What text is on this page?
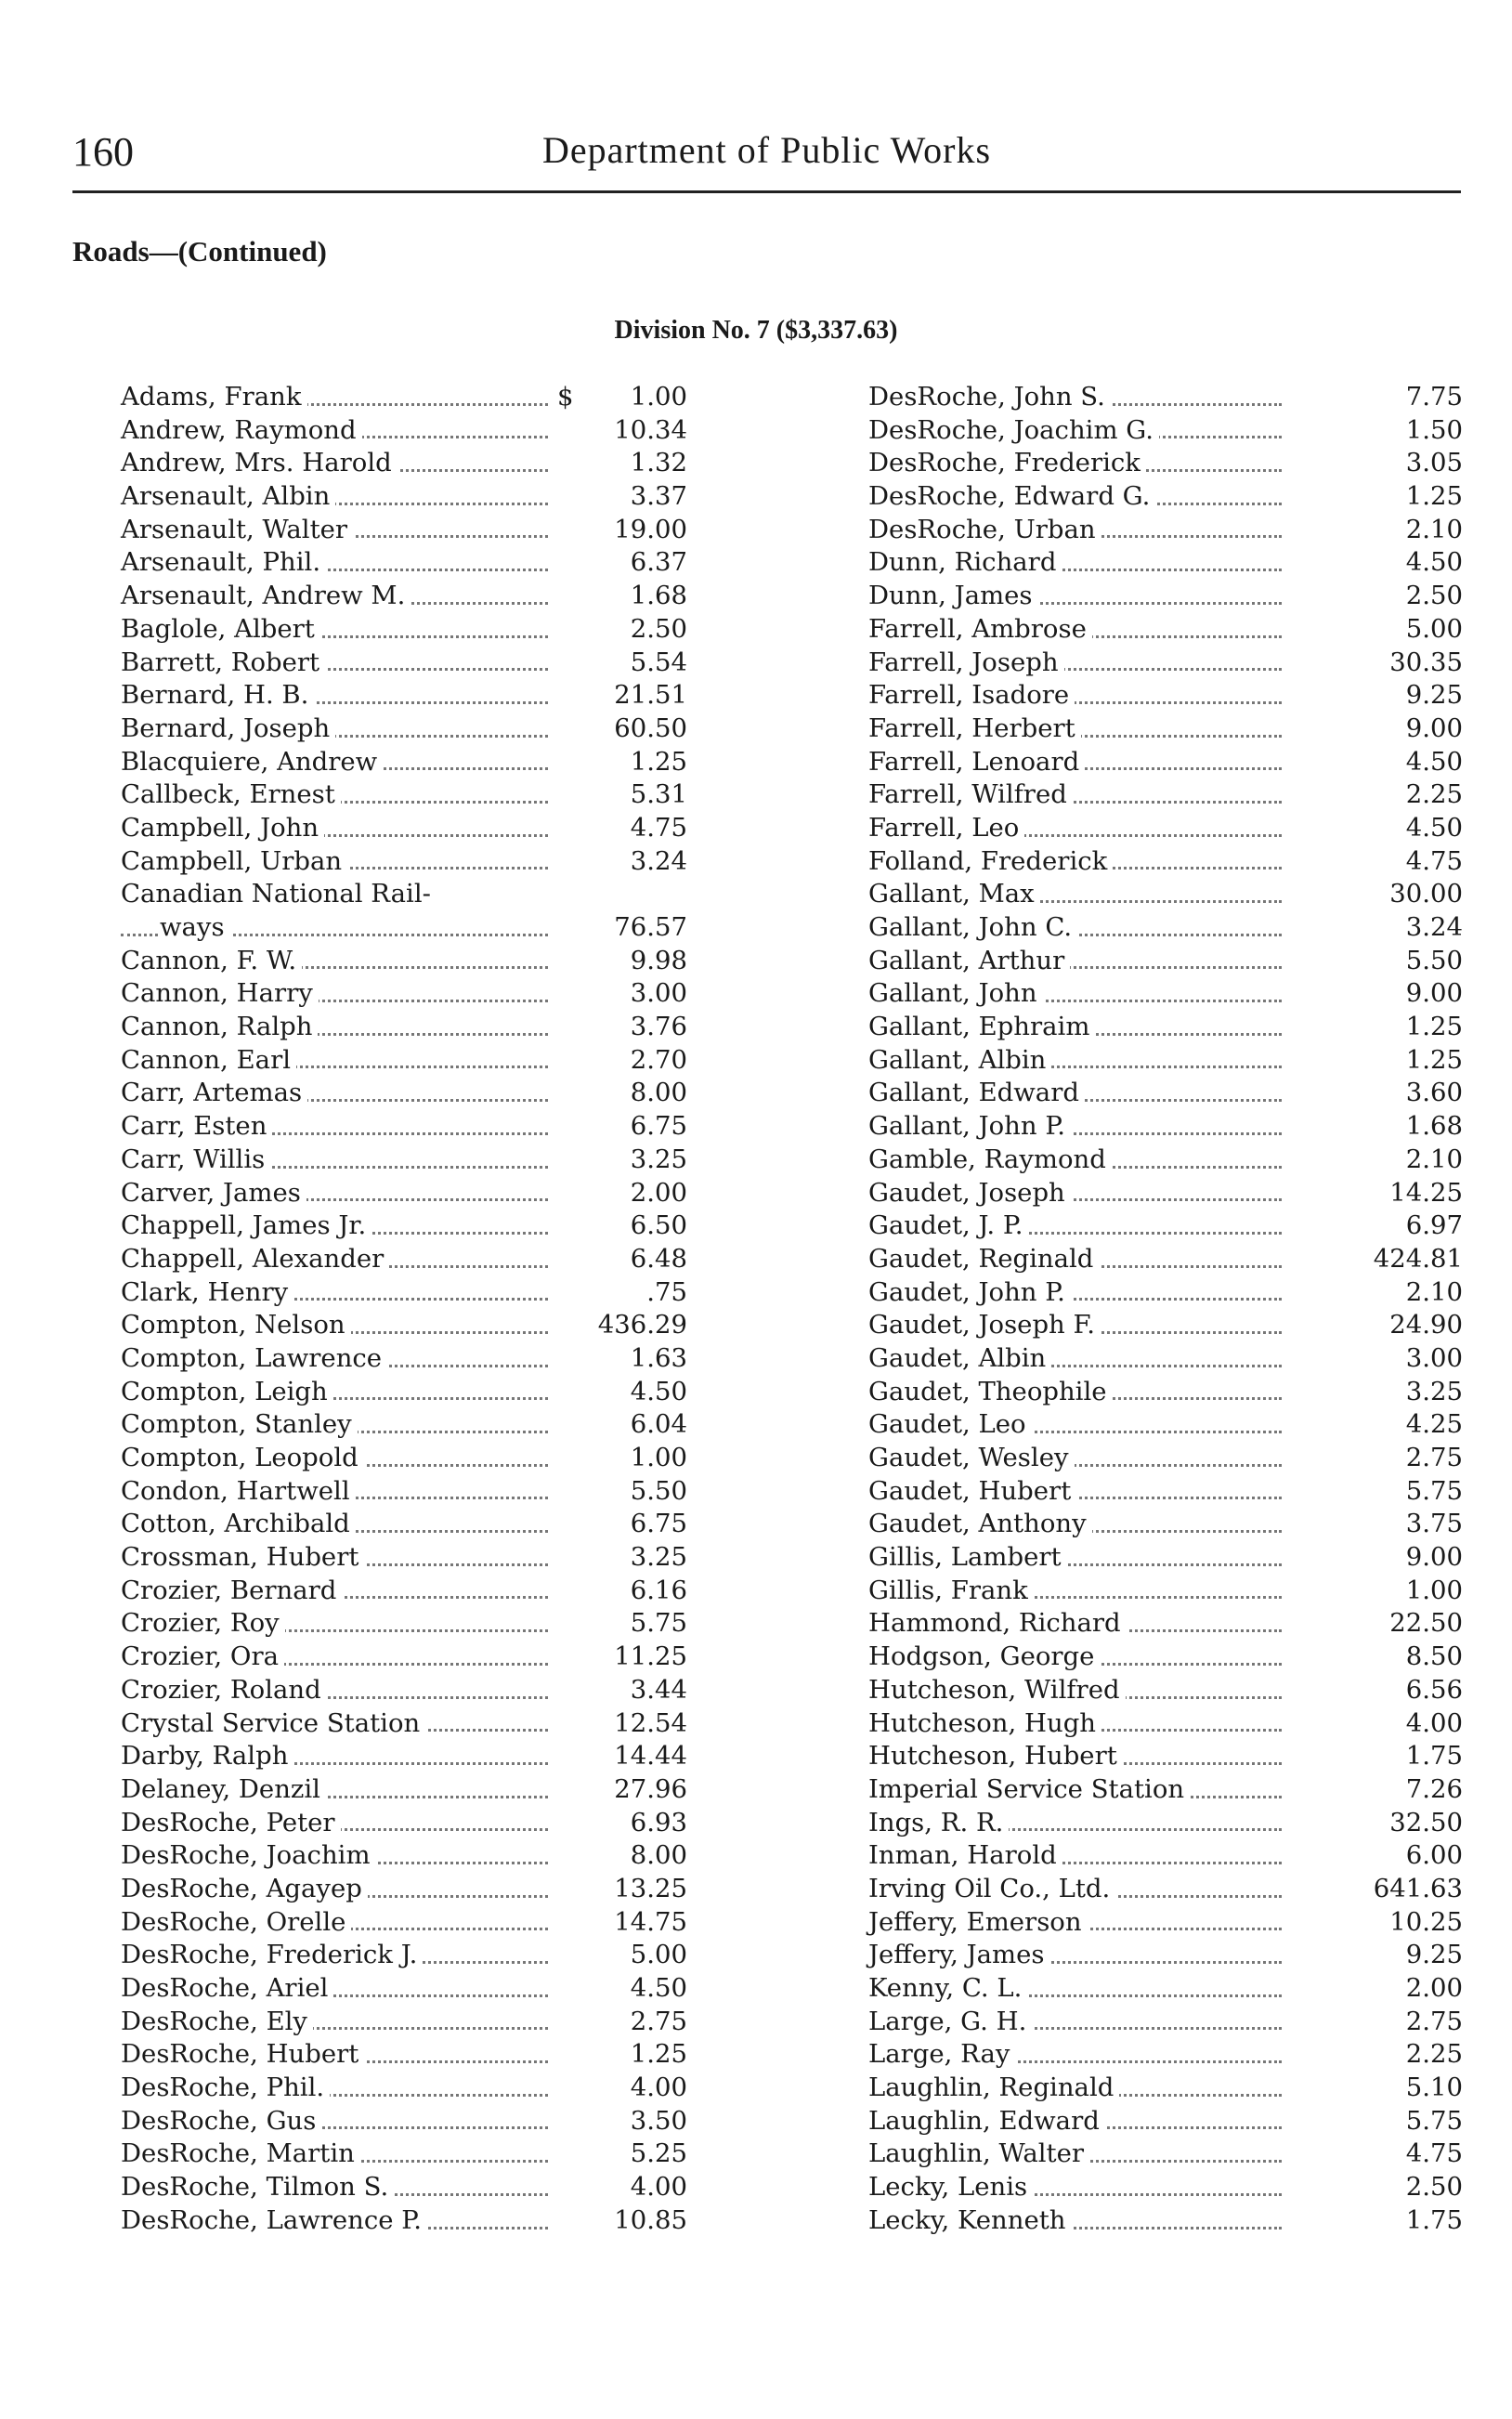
160	Department of Public Works
Roads—(Continued)
Division No. 7 ($3,337.63)
Adams, Frank	$ 1.00
Andrew, Raymond	10.34
Andrew, Mrs. Harold	1.32
Arsenault, Albin	3.37
Arsenault, Walter	19.00
Arsenault, Phil.	6.37
Arsenault, Andrew M.	1.68
Baglole, Albert	2.50
Barrett, Robert	5.54
Bernard, H. B.	21.51
Bernard, Joseph	60.50
Blacquiere, Andrew	1.25
Callbeck, Ernest	5.31
Campbell, John	4.75
Campbell, Urban	3.24
Canadian National Rail-
ways	76.57
Cannon, F. W.	9.98
Cannon, Harry	3.00
Cannon, Ralph	3.76
Cannon, Earl	2.70
Carr, Artemas	8.00
Carr, Esten	6.75
Carr, Willis	3.25
Carver, James	2.00
Chappell, James Jr.	6.50
Chappell, Alexander	6.48
Clark, Henry	.75
Compton, Nelson	436.29
Compton, Lawrence	1.63
Compton, Leigh	4.50
Compton, Stanley	6.04
Compton, Leopold	1.00
Condon, Hartwell	5.50
Cotton, Archibald	6.75
Crossman, Hubert	3.25
Crozier, Bernard	6.16
Crozier, Roy	5.75
Crozier, Ora	11.25
Crozier, Roland	3.44
Crystal Service Station	12.54
Darby, Ralph	14.44
Delaney, Denzil	27.96
DesRoche, Peter	6.93
DesRoche, Joachim	8.00
DesRoche, Agayep	13.25
DesRoche, Orelle	14.75
DesRoche, Frederick J.	5.00
DesRoche, Ariel	4.50
DesRoche, Ely	2.75
DesRoche, Hubert	1.25
DesRoche, Phil.	4.00
DesRoche, Gus	3.50
DesRoche, Martin	5.25
DesRoche, Tilmon S.	4.00
DesRoche, Lawrence P.	10.85
DesRoche, John S.	7.75
DesRoche, Joachim G.	1.50
DesRoche, Frederick	3.05
DesRoche, Edward G.	1.25
DesRoche, Urban	2.10
Dunn, Richard	4.50
Dunn, James	2.50
Farrell, Ambrose	5.00
Farrell, Joseph	30.35
Farrell, Isadore	9.25
Farrell, Herbert	9.00
Farrell, Lenoard	4.50
Farrell, Wilfred	2.25
Farrell, Leo	4.50
Folland, Frederick	4.75
Gallant, Max	30.00
Gallant, John C.	3.24
Gallant, Arthur	5.50
Gallant, John	9.00
Gallant, Ephraim	1.25
Gallant, Albin	1.25
Gallant, Edward	3.60
Gallant, John P.	1.68
Gamble, Raymond	2.10
Gaudet, Joseph	14.25
Gaudet, J. P.	6.97
Gaudet, Reginald	424.81
Gaudet, John P.	2.10
Gaudet, Joseph F.	24.90
Gaudet, Albin	3.00
Gaudet, Theophile	3.25
Gaudet, Leo	4.25
Gaudet, Wesley	2.75
Gaudet, Hubert	5.75
Gaudet, Anthony	3.75
Gillis, Lambert	9.00
Gillis, Frank	1.00
Hammond, Richard	22.50
Hodgson, George	8.50
Hutcheson, Wilfred	6.56
Hutcheson, Hugh	4.00
Hutcheson, Hubert	1.75
Imperial Service Station	7.26
Ings, R. R.	32.50
Inman, Harold	6.00
Irving Oil Co., Ltd.	641.63
Jeffery, Emerson	10.25
Jeffery, James	9.25
Kenny, C. L.	2.00
Large, G. H.	2.75
Large, Ray	2.25
Laughlin, Reginald	5.10
Laughlin, Edward	5.75
Laughlin, Walter	4.75
Lecky, Lenis	2.50
Lecky, Kenneth	1.75
